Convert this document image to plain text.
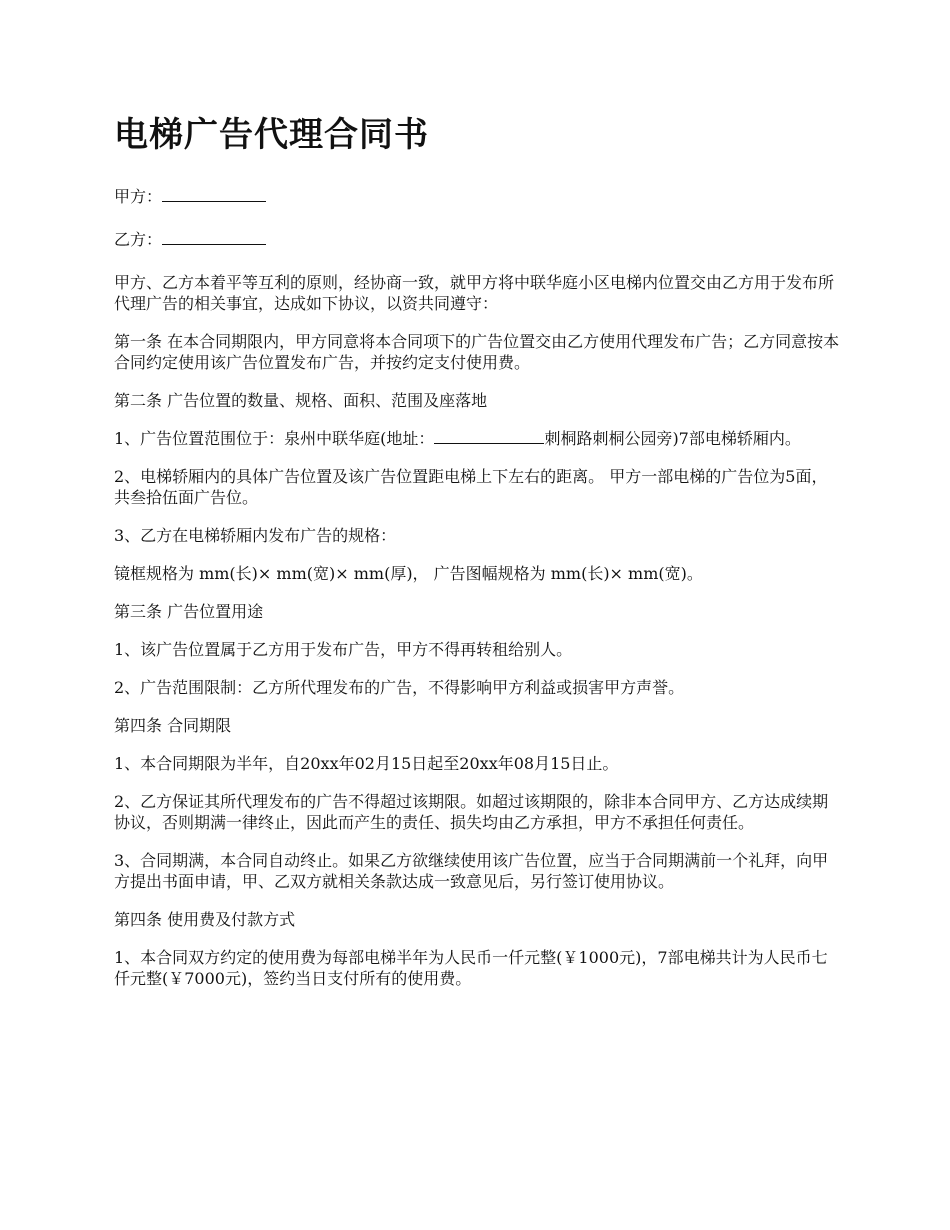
电梯广告代理合同书

甲方：

乙方：

甲方、乙方本着平等互利的原则，经协商一致，就甲方将中联华庭小区电梯内位置交由乙方用于发布所代理广告的相关事宜，达成如下协议，以资共同遵守：

第一条 在本合同期限内，甲方同意将本合同项下的广告位置交由乙方使用代理发布广告；乙方同意按本合同约定使用该广告位置发布广告，并按约定支付使用费。

第二条 广告位置的数量、规格、面积、范围及座落地

1、广告位置范围位于：泉州中联华庭(地址：	刺桐路刺桐公园旁)7部电梯轿厢内。

2、电梯轿厢内的具体广告位置及该广告位置距电梯上下左右的距离。 甲方一部电梯的广告位为5面，共叁拾伍面广告位。

3、乙方在电梯轿厢内发布广告的规格：

镜框规格为 mm(长)× mm(宽)× mm(厚)， 广告图幅规格为 mm(长)× mm(宽)。

第三条 广告位置用途

1、该广告位置属于乙方用于发布广告，甲方不得再转租给别人。

2、广告范围限制：乙方所代理发布的广告，不得影响甲方利益或损害甲方声誉。

第四条 合同期限

1、本合同期限为半年，自20xx年02月15日起至20xx年08月15日止。

2、乙方保证其所代理发布的广告不得超过该期限。如超过该期限的，除非本合同甲方、乙方达成续期协议，否则期满一律终止，因此而产生的责任、损失均由乙方承担，甲方不承担任何责任。

3、合同期满，本合同自动终止。如果乙方欲继续使用该广告位置，应当于合同期满前一个礼拜，向甲方提出书面申请，甲、乙双方就相关条款达成一致意见后，另行签订使用协议。

第四条 使用费及付款方式

1、本合同双方约定的使用费为每部电梯半年为人民币一仟元整(￥1000元)，7部电梯共计为人民币七仟元整(￥7000元)，签约当日支付所有的使用费。
